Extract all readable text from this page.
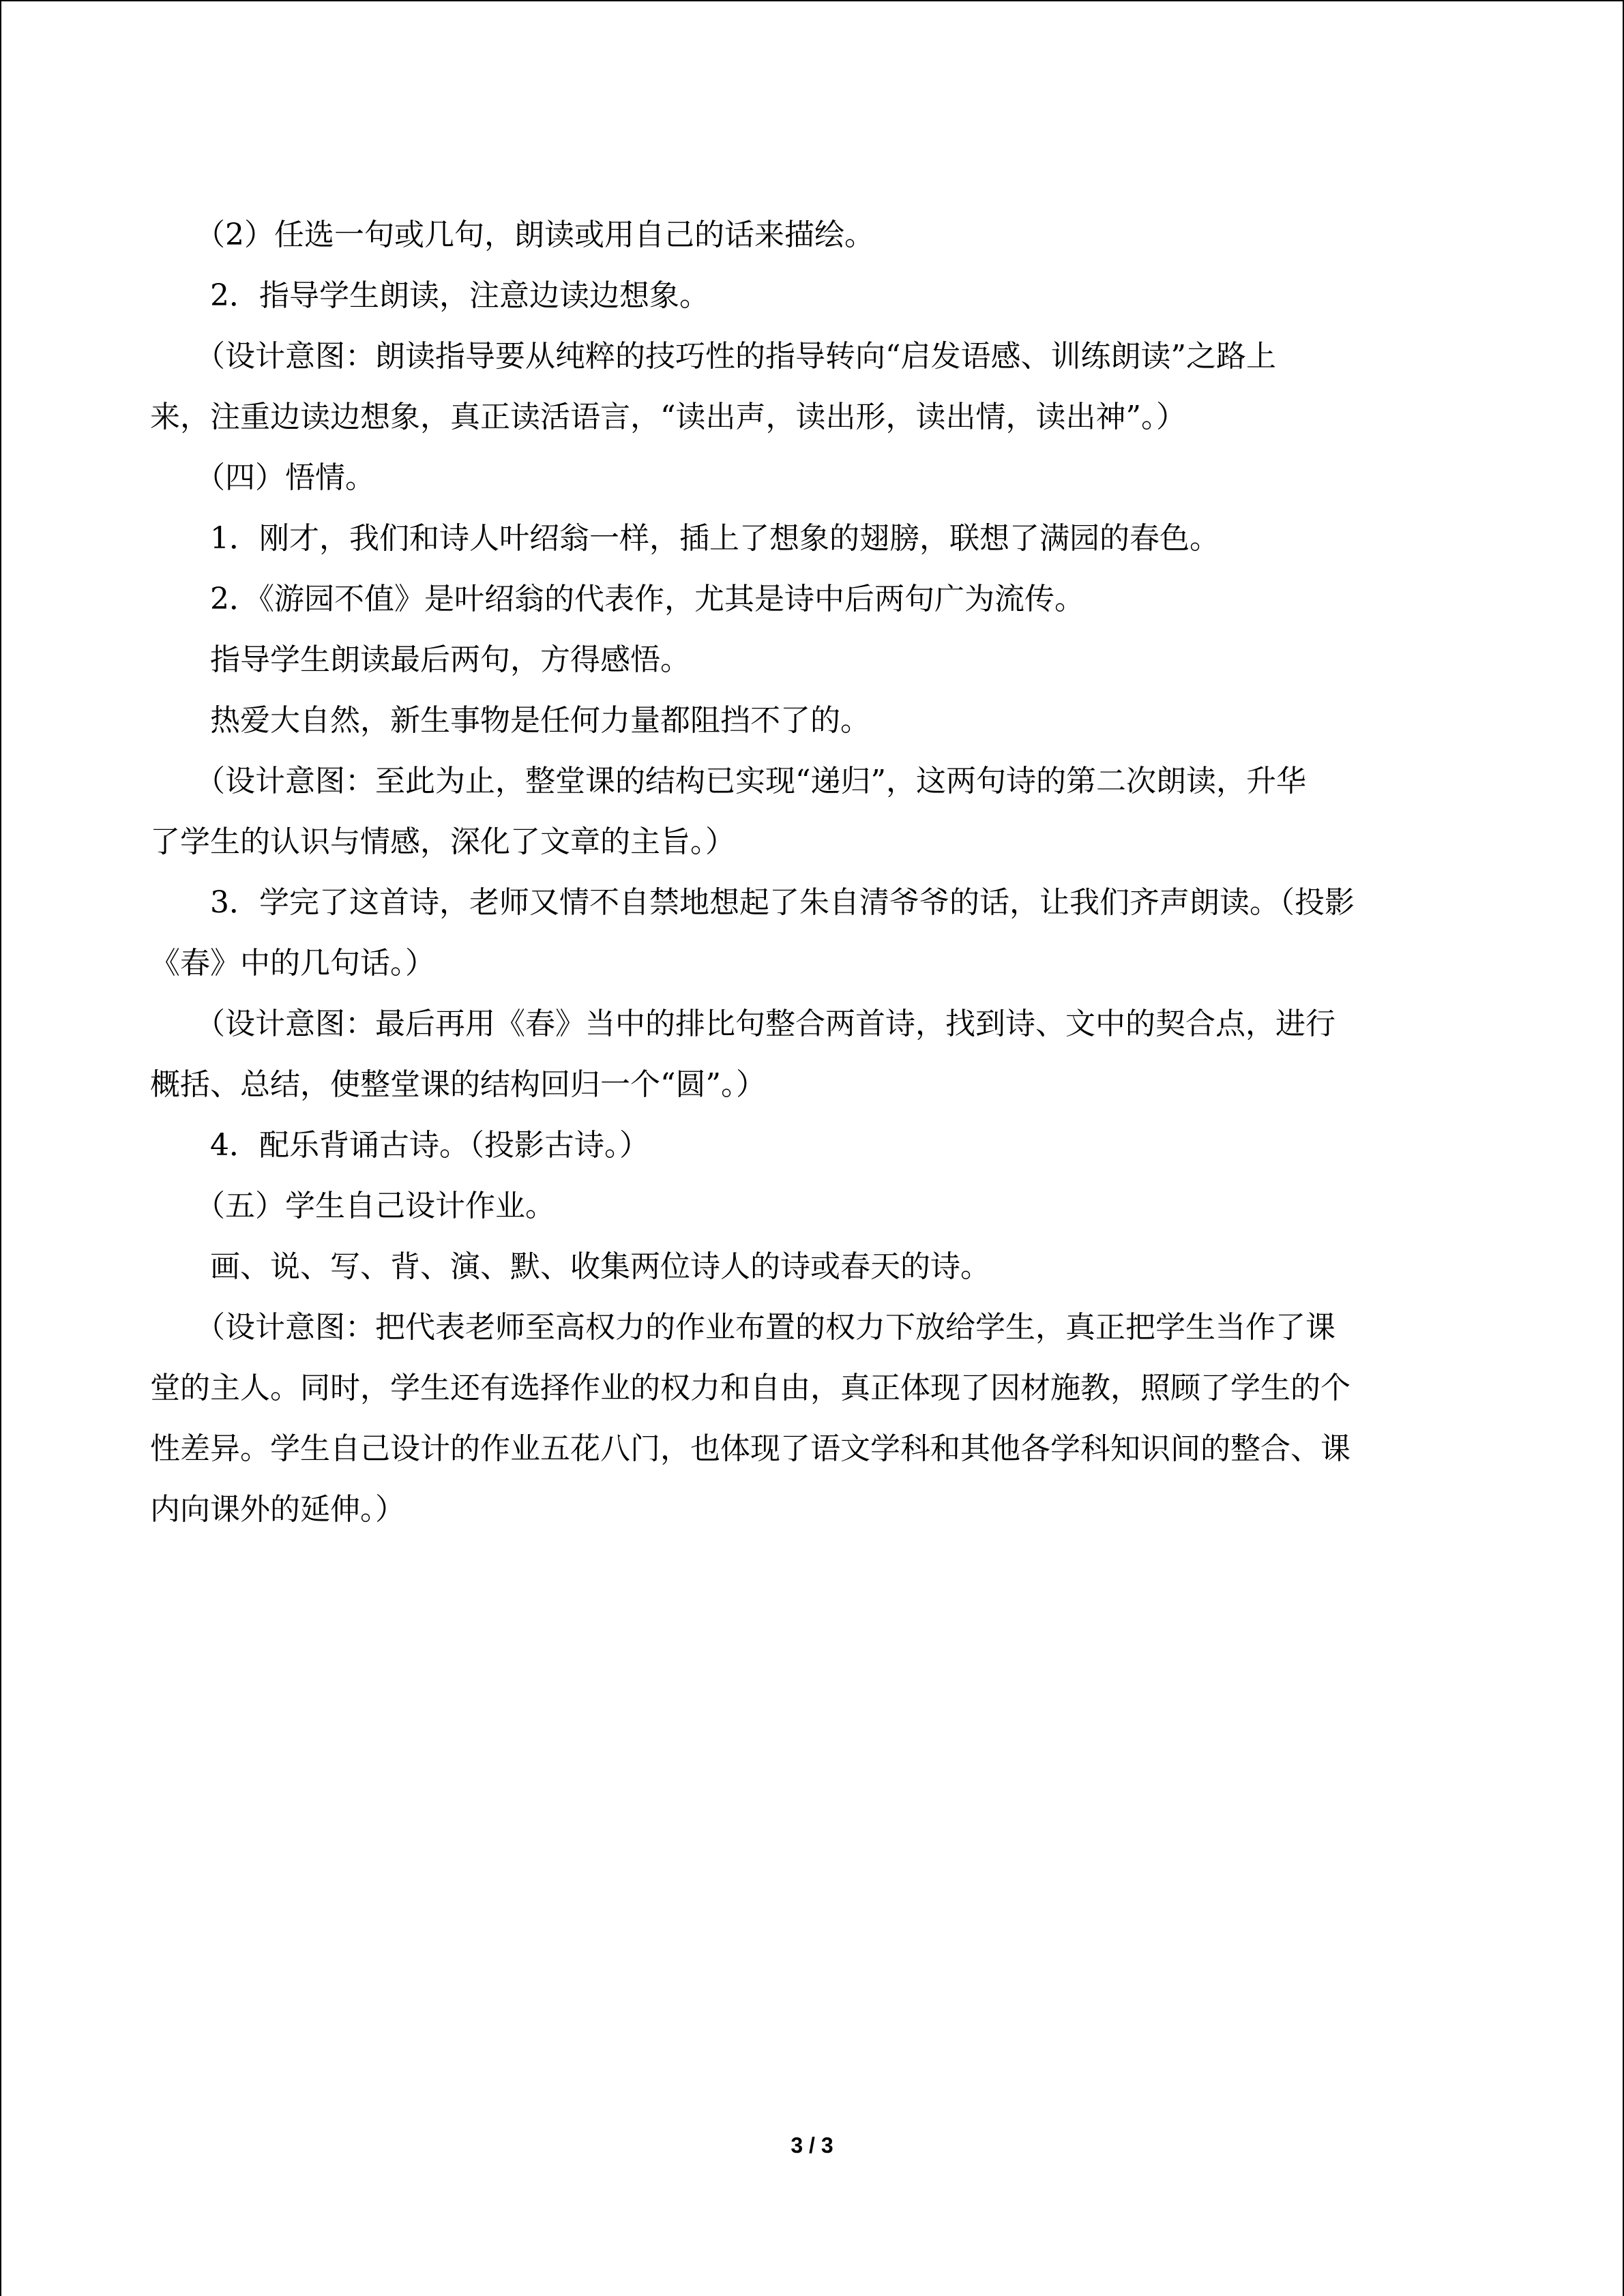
（2）任选一句或几句，朗读或用自己的话来描绘。
2．指导学生朗读，注意边读边想象。
（设计意图：朗读指导要从纯粹的技巧性的指导转向“启发语感、训练朗读”之路上
来，注重边读边想象，真正读活语言，“读出声，读出形，读出情，读出神”。）
（四）悟情。
1．刚才，我们和诗人叶绍翁一样，插上了想象的翅膀，联想了满园的春色。
2．《游园不值》是叶绍翁的代表作，尤其是诗中后两句广为流传。
指导学生朗读最后两句，方得感悟。
热爱大自然，新生事物是任何力量都阻挡不了的。
（设计意图：至此为止，整堂课的结构已实现“递归”，这两句诗的第二次朗读，升华
了学生的认识与情感，深化了文章的主旨。）
3．学完了这首诗，老师又情不自禁地想起了朱自清爷爷的话，让我们齐声朗读。（投影
《春》中的几句话。）
（设计意图：最后再用《春》当中的排比句整合两首诗，找到诗、文中的契合点，进行
概括、总结，使整堂课的结构回归一个“圆”。）
4．配乐背诵古诗。（投影古诗。）
（五）学生自己设计作业。
画、说、写、背、演、默、收集两位诗人的诗或春天的诗。
（设计意图：把代表老师至高权力的作业布置的权力下放给学生，真正把学生当作了课
堂的主人。同时，学生还有选择作业的权力和自由，真正体现了因材施教，照顾了学生的个
性差异。学生自己设计的作业五花八门，也体现了语文学科和其他各学科知识间的整合、课
内向课外的延伸。）
3 / 3
